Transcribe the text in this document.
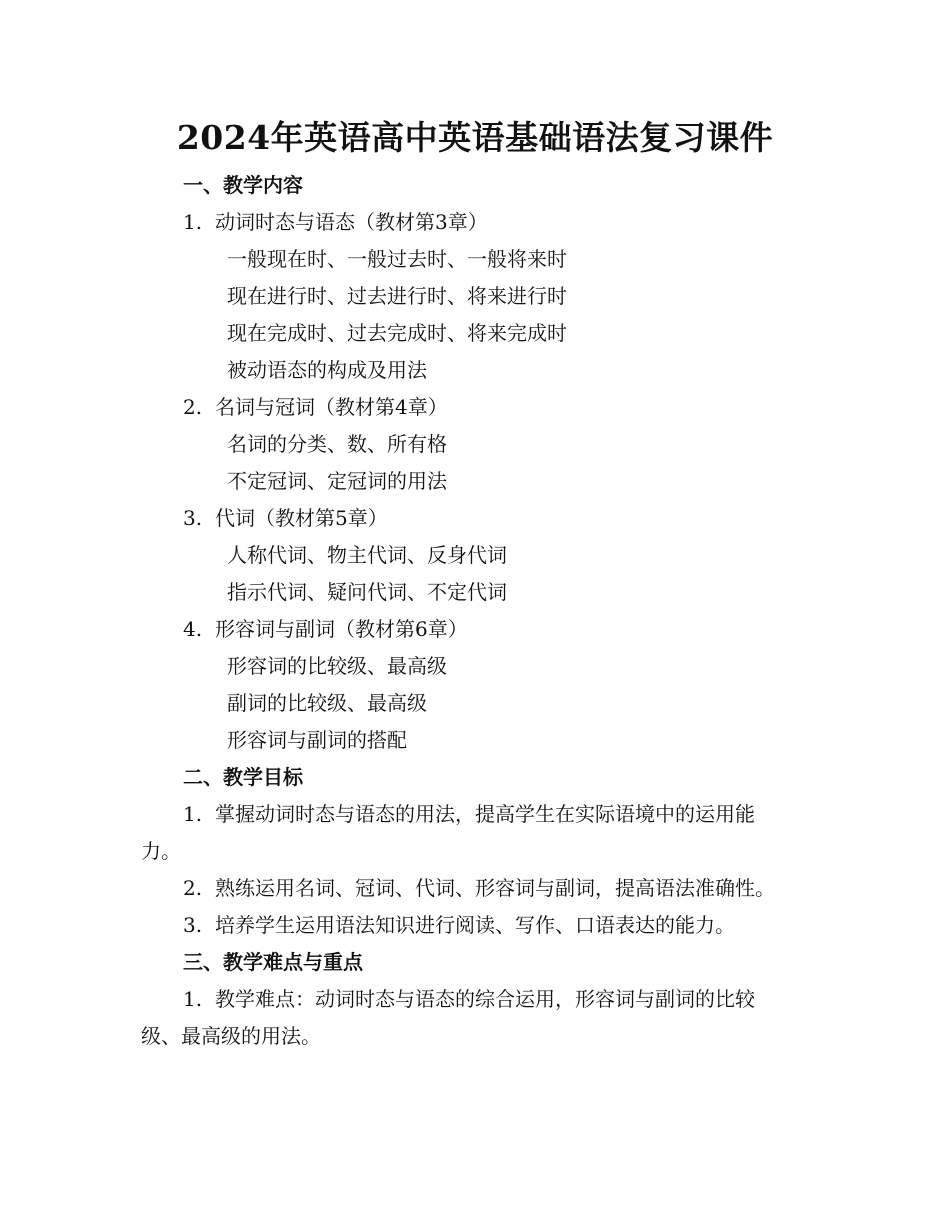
2024年英语高中英语基础语法复习课件
一、教学内容
1. 动词时态与语态（教材第3章）
一般现在时、一般过去时、一般将来时
现在进行时、过去进行时、将来进行时
现在完成时、过去完成时、将来完成时
被动语态的构成及用法
2. 名词与冠词（教材第4章）
名词的分类、数、所有格
不定冠词、定冠词的用法
3. 代词（教材第5章）
人称代词、物主代词、反身代词
指示代词、疑问代词、不定代词
4. 形容词与副词（教材第6章）
形容词的比较级、最高级
副词的比较级、最高级
形容词与副词的搭配
二、教学目标
1. 掌握动词时态与语态的用法，提高学生在实际语境中的运用能
力。
2. 熟练运用名词、冠词、代词、形容词与副词，提高语法准确性。
3. 培养学生运用语法知识进行阅读、写作、口语表达的能力。
三、教学难点与重点
1. 教学难点：动词时态与语态的综合运用，形容词与副词的比较
级、最高级的用法。
